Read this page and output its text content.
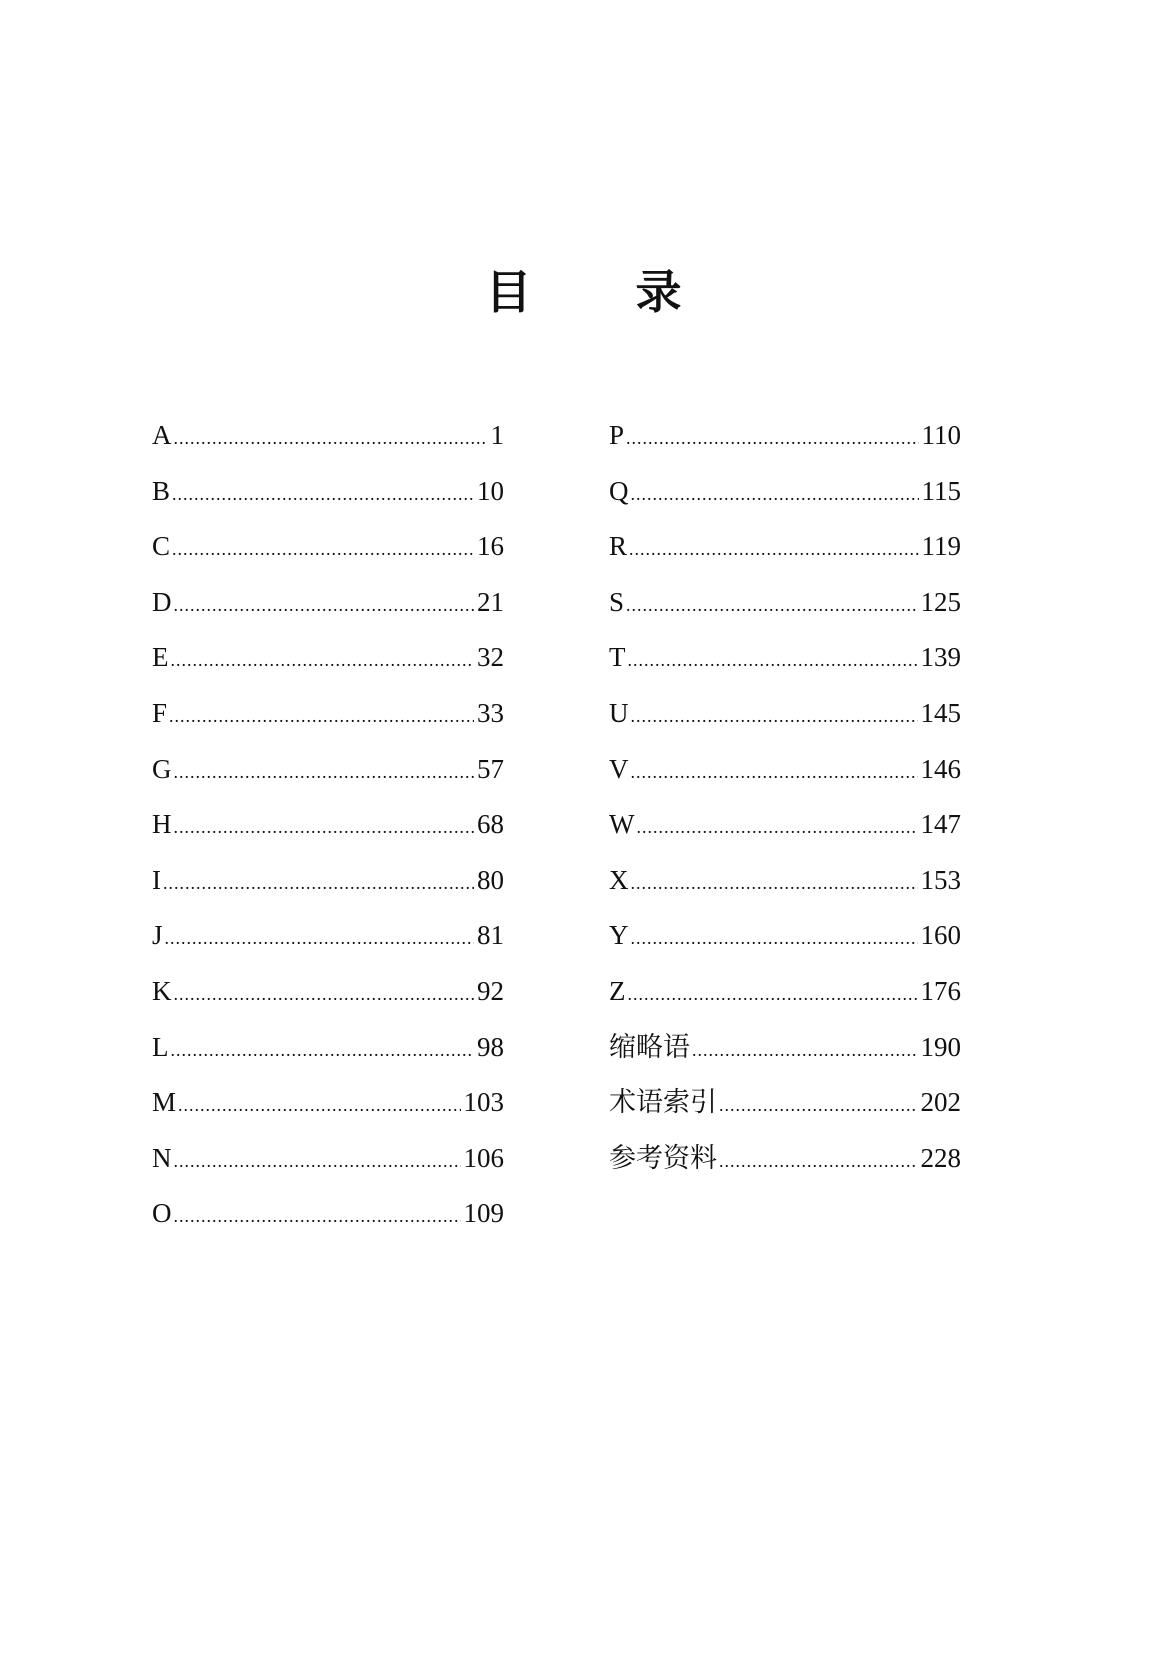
目 录
A .....	1
B .....	10
C .....	16
D .....	21
E .....	32
F .....	33
G .....	57
H .....	68
I .....	80
J .....	81
K .....	92
L .....	98
M .....	103
N .....	106
O .....	109
P .....	110
Q .....	115
R .....	119
S .....	125
T .....	139
U .....	145
V .....	146
W .....	147
X .....	153
Y .....	160
Z .....	176
缩略语 .....	190
术语索引 .....	202
参考资料 .....	228
